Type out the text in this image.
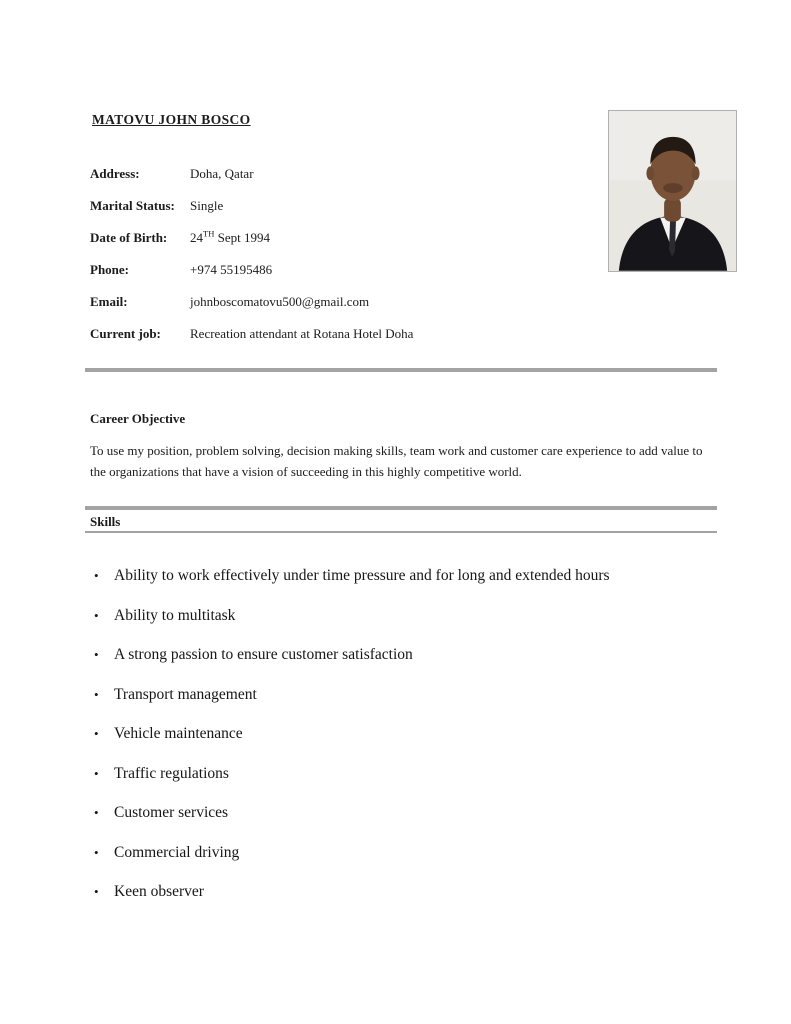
MATOVU JOHN BOSCO
Address:	Doha, Qatar
Marital Status:	Single
Date of Birth:	24TH Sept 1994
Phone:	+974 55195486
Email:	johnboscomatovu500@gmail.com
Current job:	Recreation attendant at Rotana Hotel Doha
Career Objective
To use my position, problem solving, decision making skills, team work and customer care experience to add value to the organizations that have a vision of succeeding in this highly competitive world.
Skills
• Ability to work effectively under time pressure and for long and extended hours
• Ability to multitask
• A strong passion to ensure customer satisfaction
• Transport management
• Vehicle maintenance
• Traffic regulations
• Customer services
• Commercial driving
• Keen observer
